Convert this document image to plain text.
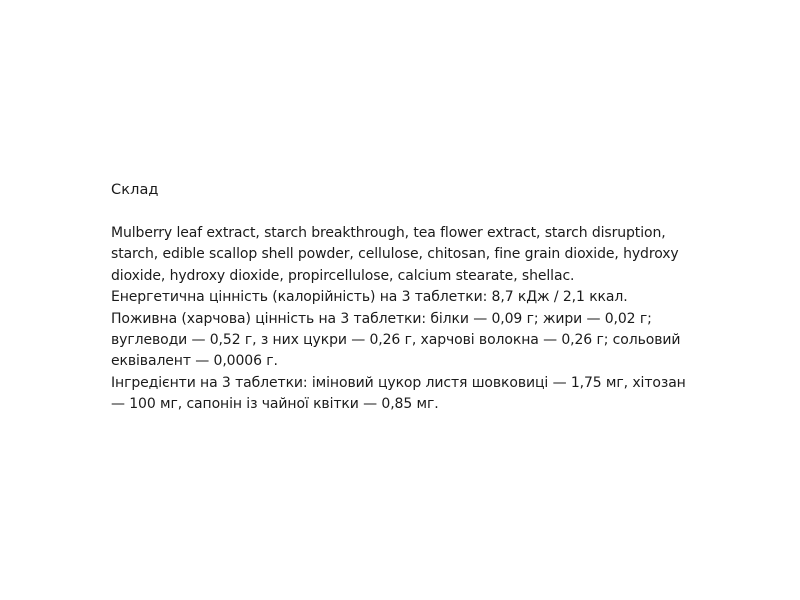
Склад

Mulberry leaf extract, starch breakthrough, tea flower extract, starch disruption,

starch, edible scallop shell powder, cellulose, chitosan, fine grain dioxide, hydroxy

dioxide, hydroxy dioxide, propircellulose, calcium stearate, shellac.

Енергетична цінність (калорійність) на 3 таблетки: 8,7 кДж / 2,1 ккал.

Поживна (харчова) цінність на 3 таблетки: білки — 0,09 г; жири — 0,02 г;

вуглеводи — 0,52 г, з них цукри — 0,26 г, харчові волокна — 0,26 г; сольовий

еквівалент — 0,0006 г.

Інгредієнти на 3 таблетки: іміновий цукор листя шовковиці — 1,75 мг, хітозан

— 100 мг, сапонін із чайної квітки — 0,85 мг.
